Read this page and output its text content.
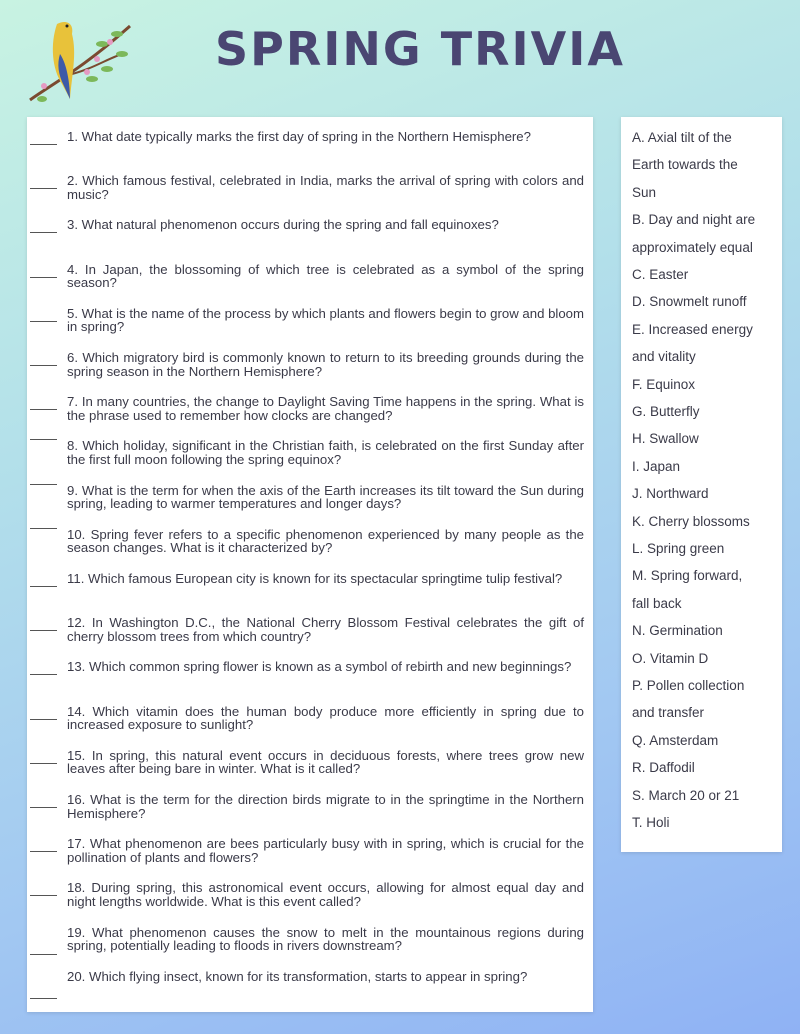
SPRING TRIVIA
1. What date typically marks the first day of spring in the Northern Hemisphere?
2. Which famous festival, celebrated in India, marks the arrival of spring with colors and music?
3. What natural phenomenon occurs during the spring and fall equinoxes?
4. In Japan, the blossoming of which tree is celebrated as a symbol of the spring season?
5. What is the name of the process by which plants and flowers begin to grow and bloom in spring?
6. Which migratory bird is commonly known to return to its breeding grounds during the spring season in the Northern Hemisphere?
7. In many countries, the change to Daylight Saving Time happens in the spring. What is the phrase used to remember how clocks are changed?
8. Which holiday, significant in the Christian faith, is celebrated on the first Sunday after the first full moon following the spring equinox?
9. What is the term for when the axis of the Earth increases its tilt toward the Sun during spring, leading to warmer temperatures and longer days?
10. Spring fever refers to a specific phenomenon experienced by many people as the season changes. What is it characterized by?
11. Which famous European city is known for its spectacular springtime tulip festival?
12. In Washington D.C., the National Cherry Blossom Festival celebrates the gift of cherry blossom trees from which country?
13. Which common spring flower is known as a symbol of rebirth and new beginnings?
14. Which vitamin does the human body produce more efficiently in spring due to increased exposure to sunlight?
15. In spring, this natural event occurs in deciduous forests, where trees grow new leaves after being bare in winter. What is it called?
16. What is the term for the direction birds migrate to in the springtime in the Northern Hemisphere?
17. What phenomenon are bees particularly busy with in spring, which is crucial for the pollination of plants and flowers?
18. During spring, this astronomical event occurs, allowing for almost equal day and night lengths worldwide. What is this event called?
19. What phenomenon causes the snow to melt in the mountainous regions during spring, potentially leading to floods in rivers downstream?
20. Which flying insect, known for its transformation, starts to appear in spring?
A. Axial tilt of the
Earth towards the
Sun
B. Day and night are
approximately equal
C. Easter
D. Snowmelt runoff
E. Increased energy
and vitality
F. Equinox
G. Butterfly
H. Swallow
I. Japan
J. Northward
K. Cherry blossoms
L. Spring green
M. Spring forward,
fall back
N. Germination
O. Vitamin D
P. Pollen collection
and transfer
Q. Amsterdam
R. Daffodil
S. March 20 or 21
T. Holi
